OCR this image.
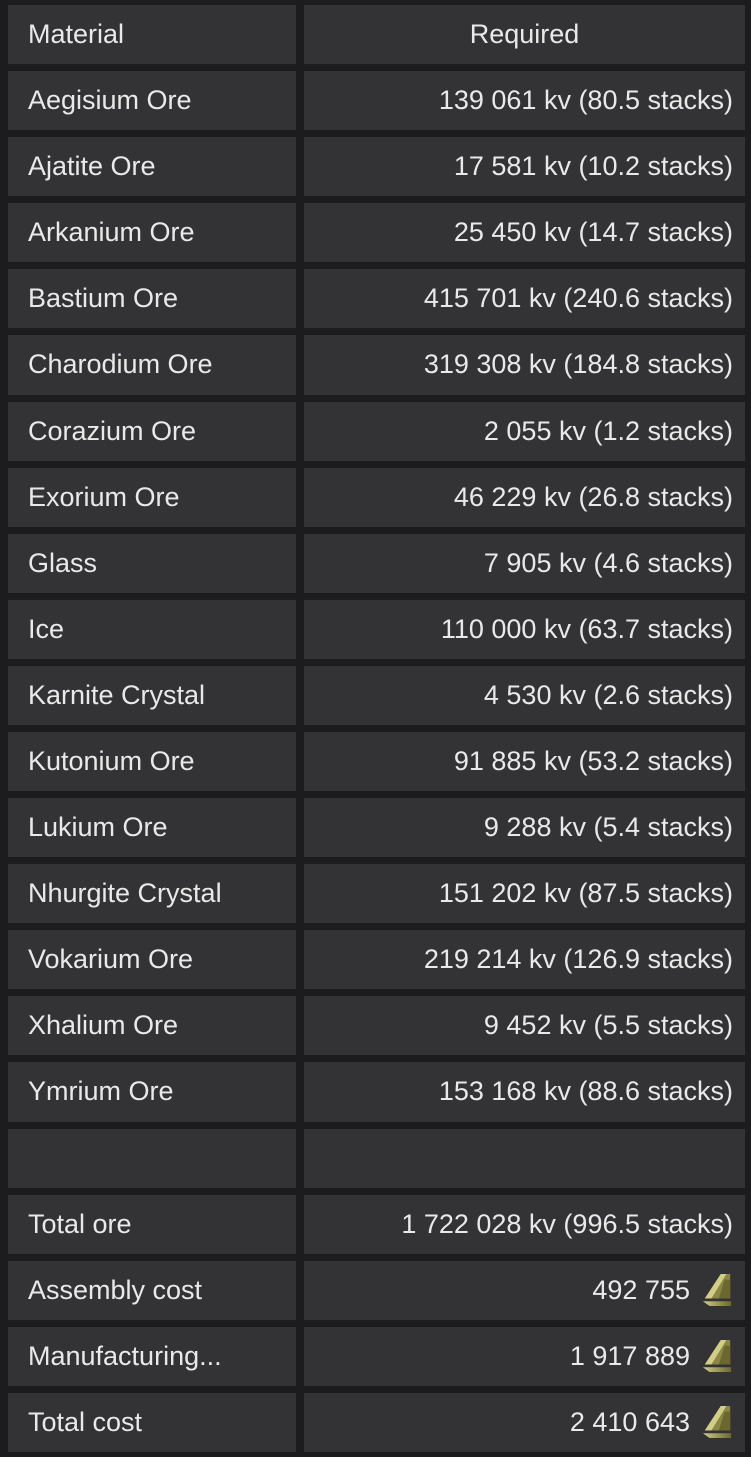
Material	Required
Aegisium Ore	139 061 kv (80.5 stacks)
Ajatite Ore	17 581 kv (10.2 stacks)
Arkanium Ore	25 450 kv (14.7 stacks)
Bastium Ore	415 701 kv (240.6 stacks)
Charodium Ore	319 308 kv (184.8 stacks)
Corazium Ore	2 055 kv (1.2 stacks)
Exorium Ore	46 229 kv (26.8 stacks)
Glass	7 905 kv (4.6 stacks)
Ice	110 000 kv (63.7 stacks)
Karnite Crystal	4 530 kv (2.6 stacks)
Kutonium Ore	91 885 kv (53.2 stacks)
Lukium Ore	9 288 kv (5.4 stacks)
Nhurgite Crystal	151 202 kv (87.5 stacks)
Vokarium Ore	219 214 kv (126.9 stacks)
Xhalium Ore	9 452 kv (5.5 stacks)
Ymrium Ore	153 168 kv (88.6 stacks)
Total ore	1 722 028 kv (996.5 stacks)
Assembly cost	492 755
Manufacturing...	1 917 889
Total cost	2 410 643
